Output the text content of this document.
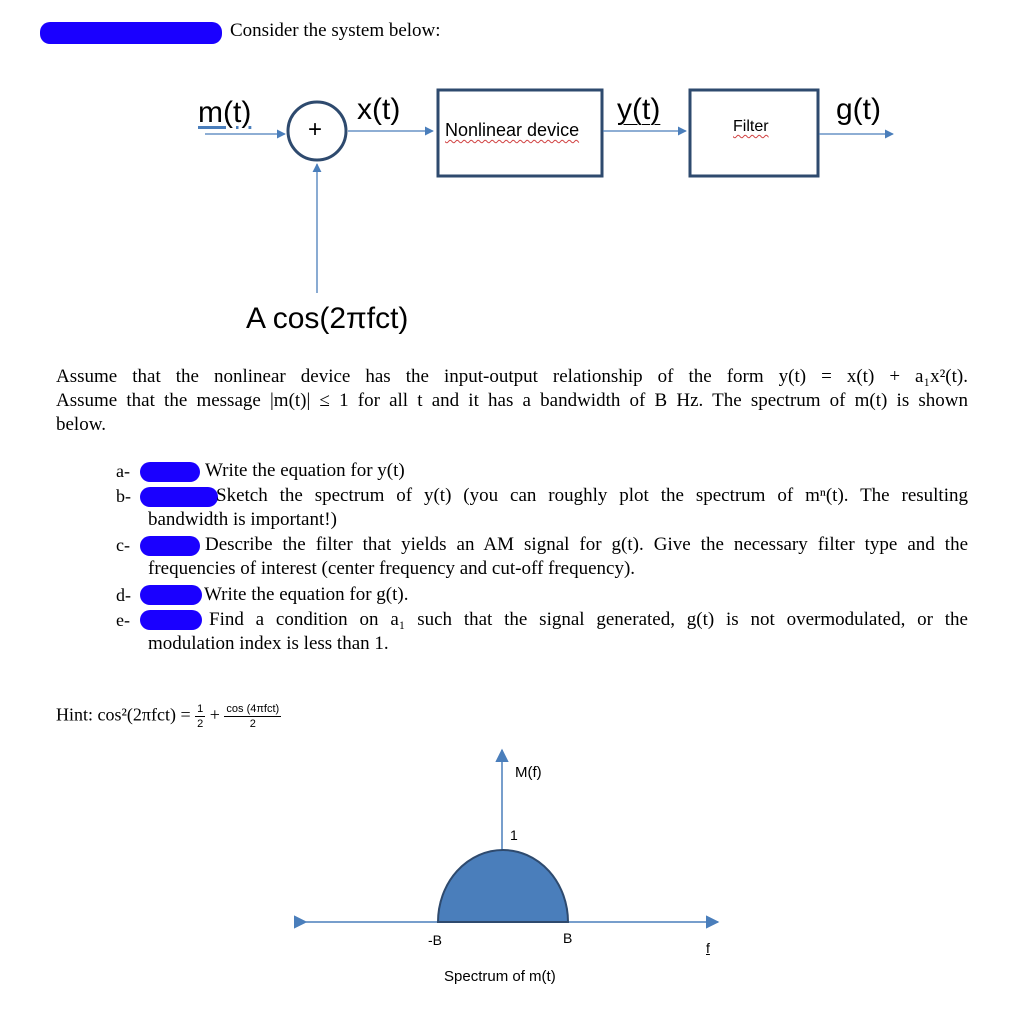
Consider the system below:
m(t)
+
x(t)
Nonlinear device
y(t)
Filter
g(t)
A cos(2πfct)
Assume that the nonlinear device has the input-output relationship of the form y(t) = x(t) + a₁x²(t).
Assume that the message |m(t)| ≤ 1 for all t and it has a bandwidth of B Hz. The spectrum of m(t) is shown
below.
a-	Write the equation for y(t)
b-	Sketch the spectrum of y(t) (you can roughly plot the spectrum of mⁿ(t). The resulting
bandwidth is important!)
c-	Describe the filter that yields an AM signal for g(t). Give the necessary filter type and the
frequencies of interest (center frequency and cut-off frequency).
d-	Write the equation for g(t).
e-	Find a condition on a₁ such that the signal generated, g(t) is not overmodulated, or the
modulation index is less than 1.
Hint: $\cos^2(2\pi fct) = \frac{1}{2} + \frac{\text{cos (4πfct)}}{2}$
M(f)
1
-B	B
f
Spectrum of m(t)
